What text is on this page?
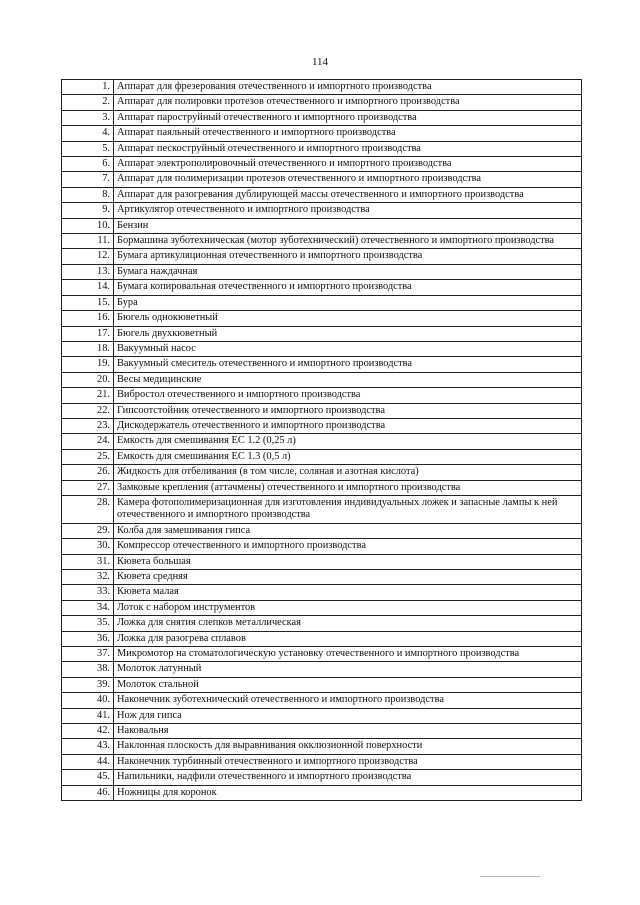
114
1.	Аппарат для фрезерования отечественного и импортного производства
2.	Аппарат для полировки протезов отечественного и импортного производства
3.	Аппарат пароструйный отечественного и импортного производства
4.	Аппарат паяльный отечественного и импортного производства
5.	Аппарат пескоструйный отечественного и импортного производства
6.	Аппарат электрополировочный отечественного и импортного производства
7.	Аппарат для полимеризации протезов отечественного и импортного производства
8.	Аппарат для разогревания дублирующей массы отечественного и импортного производства
9.	Артикулятор отечественного и импортного производства
10.	Бензин
11.	Бормашина зуботехническая (мотор зуботехнический) отечественного и импортного производства
12.	Бумага артикуляционная отечественного и импортного производства
13.	Бумага наждачная
14.	Бумага копировальная отечественного и импортного производства
15.	Бура
16.	Бюгель однокюветный
17.	Бюгель двухкюветный
18.	Вакуумный насос
19.	Вакуумный смеситель отечественного и импортного производства
20.	Весы медицинские
21.	Вибростол отечественного и импортного производства
22.	Гипсоотстойник отечественного и импортного производства
23.	Дискодержатель отечественного и импортного производства
24.	Емкость для смешивания ЕС 1.2 (0,25 л)
25.	Емкость для смешивания ЕС 1.3 (0,5 л)
26.	Жидкость для отбеливания (в том числе, соляная и азотная кислота)
27.	Замковые крепления (аттачмены) отечественного и импортного производства
28.	Камера фотополимеризационная для изготовления индивидуальных ложек и запасные лампы к ней отечественного и импортного производства
29.	Колба для замешивания гипса
30.	Компрессор отечественного и импортного производства
31.	Кювета большая
32.	Кювета средняя
33.	Кювета малая
34.	Лоток с набором инструментов
35.	Ложка для снятия слепков металлическая
36.	Ложка для разогрева сплавов
37.	Микромотор на стоматологическую установку отечественного и импортного производства
38.	Молоток латунный
39.	Молоток стальной
40.	Наконечник зуботехнический отечественного и импортного производства
41.	Нож для гипса
42.	Наковальня
43.	Наклонная плоскость для выравнивания окклюзионной поверхности
44.	Наконечник турбинный отечественного и импортного производства
45.	Напильники, надфили отечественного и импортного производства
46.	Ножницы для коронок
